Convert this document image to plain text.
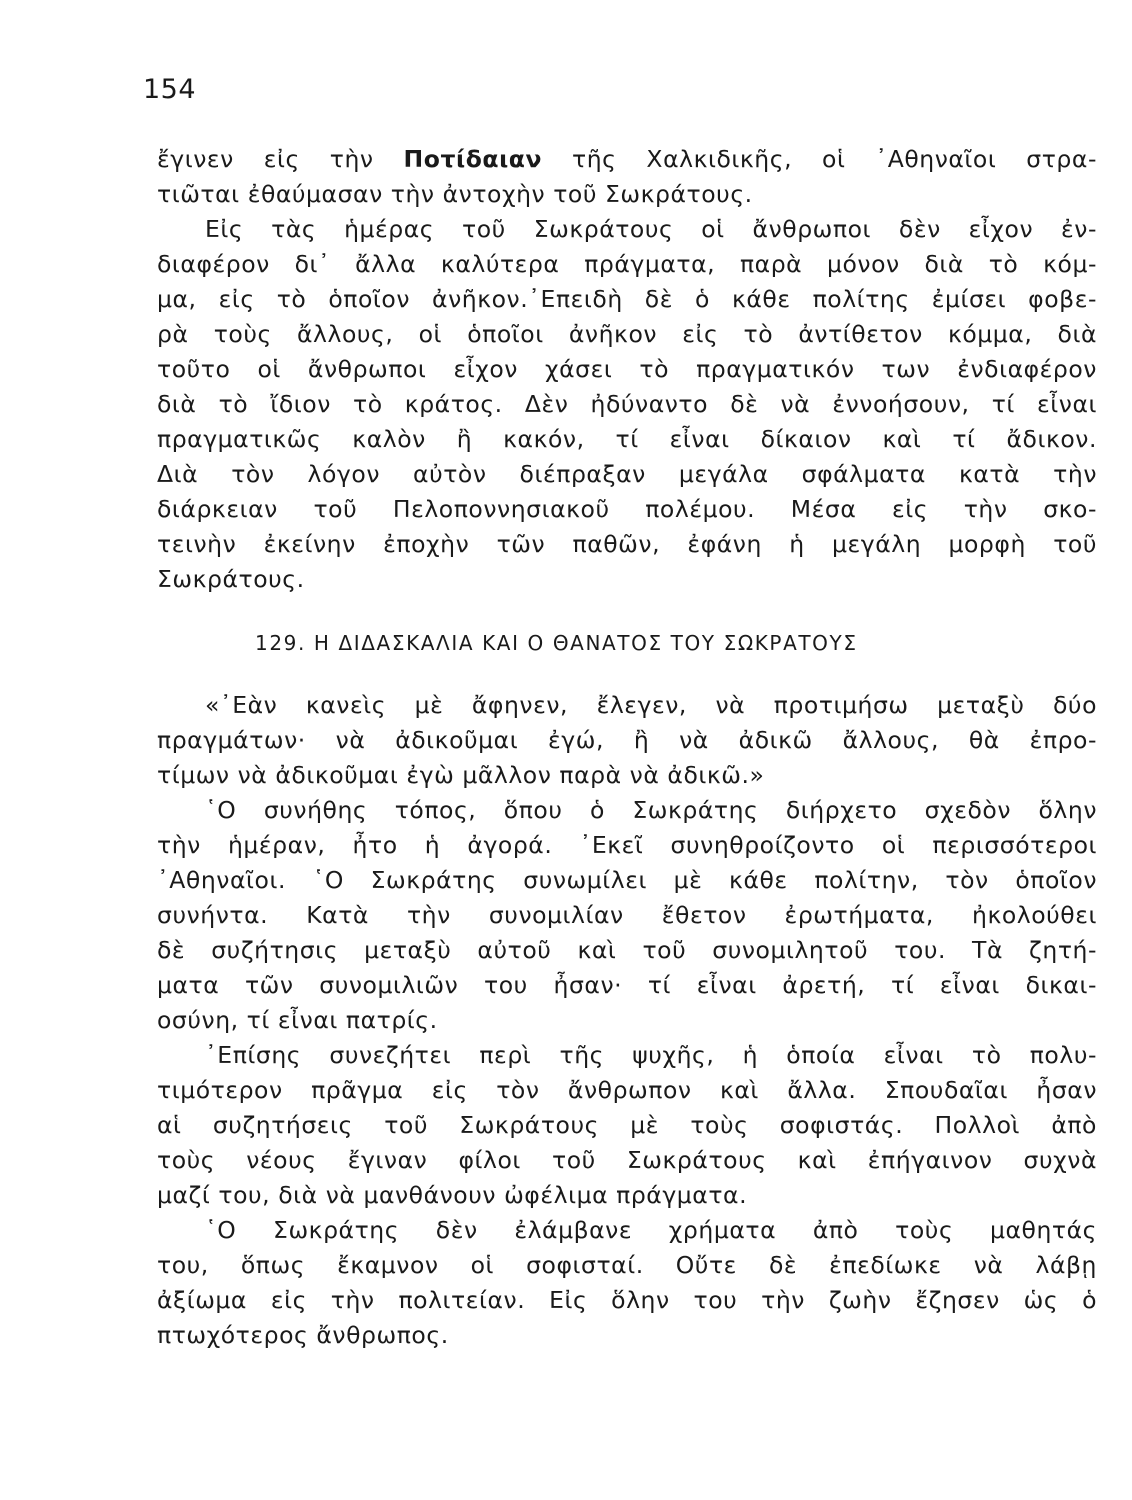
154
ἔγινεν εἰς τὴν Ποτίδαιαν τῆς Χαλκιδικῆς, οἱ ᾿Αθηναῖοι στρα-
τιῶται ἐθαύμασαν τὴν ἀντοχὴν τοῦ Σωκράτους.
Εἰς τὰς ἡμέρας τοῦ Σωκράτους οἱ ἄνθρωποι δὲν εἶχον ἐν-
διαφέρον δι᾿ ἄλλα καλύτερα πράγματα, παρὰ μόνον διὰ τὸ κόμ-
μα, εἰς τὸ ὁποῖον ἀνῆκον.᾿Επειδὴ δὲ ὁ κάθε πολίτης ἐμίσει φοβε-
ρὰ τοὺς ἄλλους, οἱ ὁποῖοι ἀνῆκον εἰς τὸ ἀντίθετον κόμμα, διὰ
τοῦτο οἱ ἄνθρωποι εἶχον χάσει τὸ πραγματικόν των ἐνδιαφέρον
διὰ τὸ ἴδιον τὸ κράτος. Δὲν ἠδύναντο δὲ νὰ ἐννοήσουν, τί εἶναι
πραγματικῶς καλὸν ἢ κακόν, τί εἶναι δίκαιον καὶ τί ἄδικον.
Διὰ τὸν λόγον αὐτὸν διέπραξαν μεγάλα σφάλματα κατὰ τὴν
διάρκειαν τοῦ Πελοποννησιακοῦ πολέμου. Μέσα εἰς τὴν σκο-
τεινὴν ἐκείνην ἐποχὴν τῶν παθῶν, ἐφάνη ἡ μεγάλη μορφὴ τοῦ
Σωκράτους.
129. Η ΔΙΔΑΣΚΑΛΙΑ ΚΑΙ Ο ΘΑΝΑΤΟΣ ΤΟΥ ΣΩΚΡΑΤΟΥΣ
«᾿Εὰν κανεὶς μὲ ἄφηνεν, ἔλεγεν, νὰ προτιμήσω μεταξὺ δύο
πραγμάτων· νὰ ἀδικοῦμαι ἐγώ, ἢ νὰ ἀδικῶ ἄλλους, θὰ ἐπρο-
τίμων νὰ ἀδικοῦμαι ἐγὼ μᾶλλον παρὰ νὰ ἀδικῶ.»
῾Ο συνήθης τόπος, ὅπου ὁ Σωκράτης διήρχετο σχεδὸν ὅλην
τὴν ἡμέραν, ἦτο ἡ ἀγορά. ᾿Εκεῖ συνηθροίζοντο οἱ περισσότεροι
᾿Αθηναῖοι. ῾Ο Σωκράτης συνωμίλει μὲ κάθε πολίτην, τὸν ὁποῖον
συνήντα. Κατὰ τὴν συνομιλίαν ἔθετον ἐρωτήματα, ἠκολούθει
δὲ συζήτησις μεταξὺ αὐτοῦ καὶ τοῦ συνομιλητοῦ του. Τὰ ζητή-
ματα τῶν συνομιλιῶν του ἦσαν· τί εἶναι ἀρετή, τί εἶναι δικαι-
οσύνη, τί εἶναι πατρίς.
᾿Επίσης συνεζήτει περὶ τῆς ψυχῆς, ἡ ὁποία εἶναι τὸ πολυ-
τιμότερον πρᾶγμα εἰς τὸν ἄνθρωπον καὶ ἄλλα. Σπουδαῖαι ἦσαν
αἱ συζητήσεις τοῦ Σωκράτους μὲ τοὺς σοφιστάς. Πολλοὶ ἀπὸ
τοὺς νέους ἔγιναν φίλοι τοῦ Σωκράτους καὶ ἐπήγαινον συχνὰ
μαζί του, διὰ νὰ μανθάνουν ὠφέλιμα πράγματα.
῾Ο Σωκράτης δὲν ἐλάμβανε χρήματα ἀπὸ τοὺς μαθητάς
του, ὅπως ἔκαμνον οἱ σοφισταί. Οὔτε δὲ ἐπεδίωκε νὰ λάβῃ
ἀξίωμα εἰς τὴν πολιτείαν. Εἰς ὅλην του τὴν ζωὴν ἔζησεν ὡς ὁ
πτωχότερος ἄνθρωπος.
